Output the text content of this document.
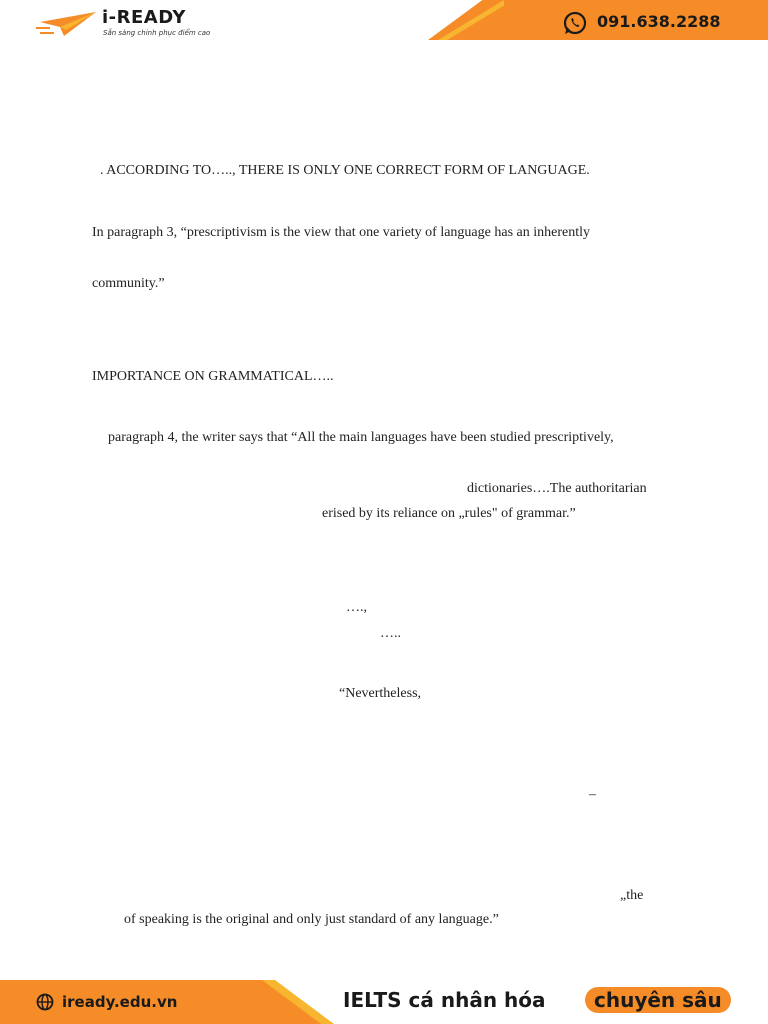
i-READY
Sẵn sàng chinh phục điểm cao
091.638.2288
. ACCORDING TO….., THERE IS ONLY ONE CORRECT FORM OF LANGUAGE.
In paragraph 3, “prescriptivism is the view that one variety of language has an inherently
community.”
IMPORTANCE ON GRAMMATICAL…..
paragraph 4, the writer says that “All the main languages have been studied prescriptively,
dictionaries….The authoritarian
erised by its reliance on „rules" of grammar.”
….,
…..
“Nevertheless,
–
„the
of speaking is the original and only just standard of any language.”
iready.edu.vn	IELTS cá nhân hóa	chuyên sâu
